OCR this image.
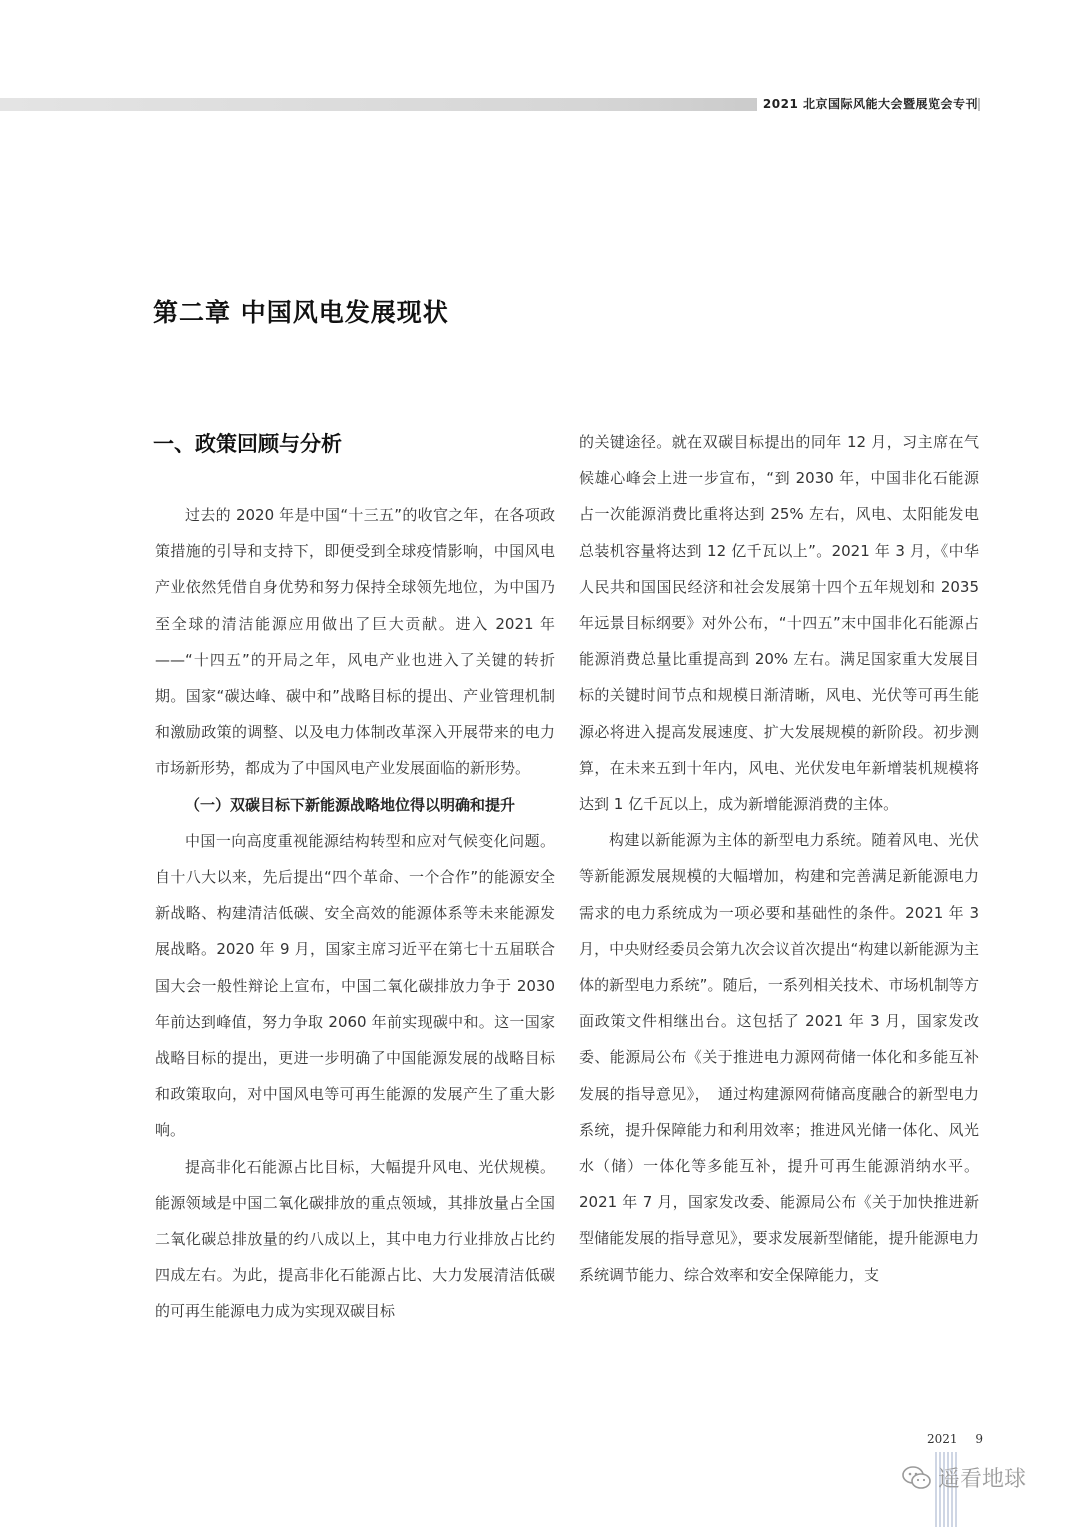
2021 北京国际风能大会暨展览会专刊
第二章 中国风电发展现状
一、政策回顾与分析

过去的 2020 年是中国“十三五”的收官之年，在各项政策措施的引导和支持下，即便受到全球疫情影响，中国风电产业依然凭借自身优势和努力保持全球领先地位，为中国乃至全球的清洁能源应用做出了巨大贡献。进入 2021 年——“十四五”的开局之年，风电产业也进入了关键的转折期。国家“碳达峰、碳中和”战略目标的提出、产业管理机制和激励政策的调整、以及电力体制改革深入开展带来的电力市场新形势，都成为了中国风电产业发展面临的新形势。

（一）双碳目标下新能源战略地位得以明确和提升

中国一向高度重视能源结构转型和应对气候变化问题。自十八大以来，先后提出“四个革命、一个合作”的能源安全新战略、构建清洁低碳、安全高效的能源体系等未来能源发展战略。2020 年 9 月，国家主席习近平在第七十五届联合国大会一般性辩论上宣布，中国二氧化碳排放力争于 2030 年前达到峰值，努力争取 2060 年前实现碳中和。这一国家战略目标的提出，更进一步明确了中国能源发展的战略目标和政策取向，对中国风电等可再生能源的发展产生了重大影响。

提高非化石能源占比目标，大幅提升风电、光伏规模。能源领域是中国二氧化碳排放的重点领域，其排放量占全国二氧化碳总排放量的约八成以上，其中电力行业排放占比约四成左右。为此，提高非化石能源占比、大力发展清洁低碳的可再生能源电力成为实现双碳目标

的关键途径。就在双碳目标提出的同年 12 月，习主席在气候雄心峰会上进一步宣布，“到 2030 年，中国非化石能源占一次能源消费比重将达到 25% 左右，风电、太阳能发电总装机容量将达到 12 亿千瓦以上”。2021 年 3 月，《中华人民共和国国民经济和社会发展第十四个五年规划和 2035 年远景目标纲要》对外公布，“十四五”末中国非化石能源占能源消费总量比重提高到 20% 左右。满足国家重大发展目标的关键时间节点和规模日渐清晰，风电、光伏等可再生能源必将进入提高发展速度、扩大发展规模的新阶段。初步测算，在未来五到十年内，风电、光伏发电年新增装机规模将达到 1 亿千瓦以上，成为新增能源消费的主体。

构建以新能源为主体的新型电力系统。随着风电、光伏等新能源发展规模的大幅增加，构建和完善满足新能源电力需求的电力系统成为一项必要和基础性的条件。2021 年 3 月，中央财经委员会第九次会议首次提出“构建以新能源为主体的新型电力系统”。随后，一系列相关技术、市场机制等方面政策文件相继出台。这包括了 2021 年 3 月，国家发改委、能源局公布《关于推进电力源网荷储一体化和多能互补发展的指导意见》，　通过构建源网荷储高度融合的新型电力系统，提升保障能力和利用效率；推进风光储一体化、风光水（储）一体化等多能互补，提升可再生能源消纳水平。2021 年 7 月，国家发改委、能源局公布《关于加快推进新型储能发展的指导意见》，要求发展新型储能，提升能源电力系统调节能力、综合效率和安全保障能力，支

2021 9
遥看地球
